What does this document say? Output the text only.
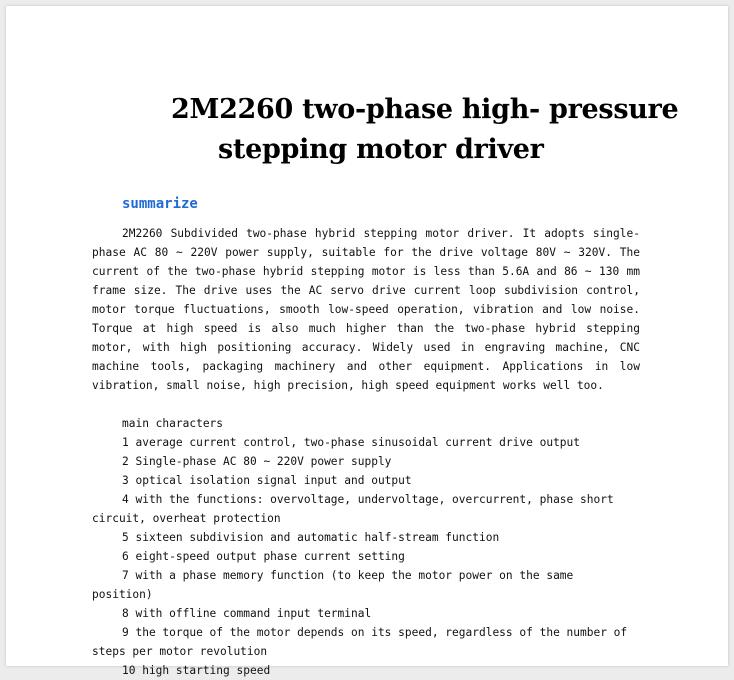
2M2260 two-phase high- pressure
stepping motor driver
summarize
2M2260 Subdivided two-phase hybrid stepping motor driver. It adopts single-phase AC 80 ~ 220V power supply, suitable for the drive voltage 80V ~ 320V. The current of the two-phase hybrid stepping motor is less than 5.6A and 86 ~ 130 mm frame size. The drive uses the AC servo drive current loop subdivision control, motor torque fluctuations, smooth low-speed operation, vibration and low noise. Torque at high speed is also much higher than the two-phase hybrid stepping motor, with high positioning accuracy. Widely used in engraving machine, CNC machine tools, packaging machinery and other equipment. Applications in low vibration, small noise, high precision, high speed equipment works well too.

main characters

1 average current control, two-phase sinusoidal current drive output

2 Single-phase AC 80 ~ 220V power supply

3 optical isolation signal input and output

4 with the functions: overvoltage, undervoltage, overcurrent, phase short circuit, overheat protection

5 sixteen subdivision and automatic half-stream function

6 eight-speed output phase current setting

7 with a phase memory function (to keep the motor power on the same position)

8 with offline command input terminal

9 the torque of the motor depends on its speed, regardless of the number of steps per motor revolution

10 high starting speed
